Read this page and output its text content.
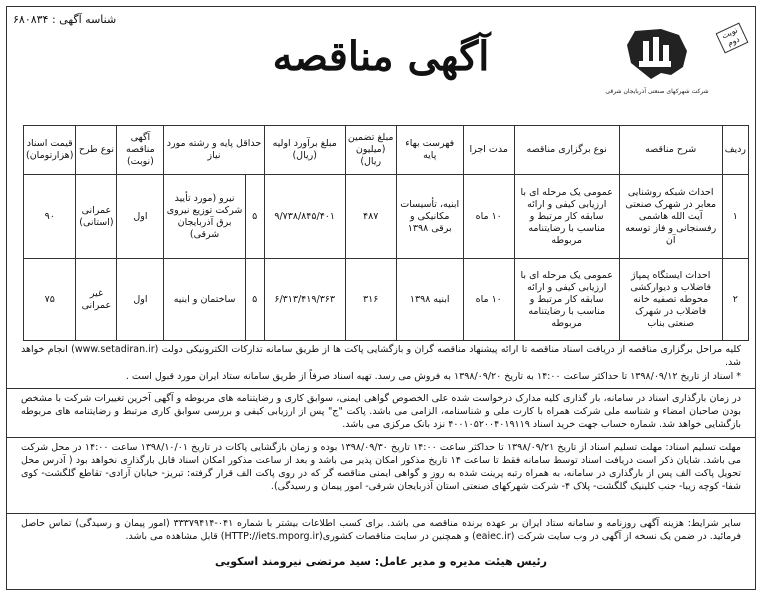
شناسه آگهی : ۶۸۰۸۳۴
نوبت دوم
شرکت شهرکهای صنعتی آذربایجان شرقی
آگهی مناقصه
ردیف	شرح مناقصه	نوع برگزاری مناقصه	مدت اجرا	فهرست بهاء پایه	مبلغ تضمین (میلیون ریال)	مبلغ برآورد اولیه (ریال)	حداقل پایه و رشته مورد نیاز		آگهی مناقصه (نوبت)	نوع طرح	قیمت اسناد (هزارتومان)
۱	احداث شبکه روشنایی معابر در شهرک صنعتی آیت الله هاشمی رفسنجانی و فاز توسعه آن	عمومی یک مرحله ای با ارزیابی کیفی و ارائه سابقه کار مرتبط و مناسب با رضایتنامه مربوطه	۱۰ ماه	ابنیه، تأسیسات مکانیکی و برقی ۱۳۹۸	۴۸۷	۹/۷۳۸/۸۴۵/۴۰۱	۵	نیرو (مورد تأیید شرکت توزیع نیروی برق آذربایجان شرقی)	اول	عمرانی (استانی)	۹۰
۲	احداث ایستگاه پمپاژ فاضلاب و دیوارکشی محوطه تصفیه خانه فاضلاب در شهرک صنعتی بناب	عمومی یک مرحله ای با ارزیابی کیفی و ارائه سابقه کار مرتبط و مناسب با رضایتنامه مربوطه	۱۰ ماه	ابنیه ۱۳۹۸	۳۱۶	۶/۳۱۳/۴۱۹/۳۶۳	۵	ساختمان و ابنیه	اول	غیر عمرانی	۷۵
کلیه مراحل برگزاری مناقصه از دریافت اسناد مناقصه تا ارائه پیشنهاد مناقصه گران و بازگشایی پاکت ها از طریق سامانه تدارکات الکترونیکی دولت (www.setadiran.ir) انجام خواهد شد.
* اسناد از تاریخ ۱۳۹۸/۰۹/۱۲ تا حداکثر ساعت ۱۴:۰۰ به تاریخ ۱۳۹۸/۰۹/۲۰ به فروش می رسد. تهیه اسناد صرفاً از طریق سامانه ستاد ایران مورد قبول است .
در زمان بارگذاری اسناد در سامانه، بار گذاری کلیه مدارک درخواست شده علی الخصوص گواهی ایمنی، سوابق کاری و رضایتنامه های مربوطه و آگهی آخرین تغییرات شرکت با مشخص بودن صاحبان امضاء و شناسه ملی شرکت همراه با کارت ملی و شناسنامه، الزامی می باشد. پاکت "ج" پس از ارزیابی کیفی و بررسی سوابق کاری مرتبط و رضایتنامه های مربوطه بازگشایی خواهد شد. شماره حساب جهت خرید اسناد ۴۰۰۱۰۵۲۰۰۴۰۱۹۱۱۹ نزد بانک مرکزی می باشد.
مهلت تسلیم اسناد: مهلت تسلیم اسناد از تاریخ ۱۳۹۸/۰۹/۲۱ تا حداکثر ساعت ۱۴:۰۰ تاریخ ۱۳۹۸/۰۹/۳۰ بوده و زمان بازگشایی پاکات در تاریخ ۱۳۹۸/۱۰/۰۱ ساعت ۱۴:۰۰ در محل شرکت می باشد. شایان ذکر است دریافت اسناد توسط سامانه فقط تا ساعت ۱۴ تاریخ مذکور امکان پذیر می باشد و بعد از ساعت مذکور امکان اسناد قابل بارگذاری نخواهد بود ( آدرس محل تحویل پاکت الف پس از بارگذاری در سامانه، به همراه رتبه پرینت شده به روز و گواهی ایمنی مناقصه گر که در روی پاکت الف قرار گرفته: تبریز- خیابان آزادی- تقاطع گلگشت- کوی شفا- کوچه زیبا- جنب کلینیک گلگشت- پلاک ۴- شرکت شهرکهای صنعتی استان آذربایجان شرقی- امور پیمان و رسیدگی).
سایر شرایط: هزینه آگهی روزنامه و سامانه ستاد ایران بر عهده برنده مناقصه می باشد. برای کسب اطلاعات بیشتر با شماره ۰۴۱-۳۳۳۷۹۴۱۴ (امور پیمان و رسیدگی) تماس حاصل فرمائید. در ضمن یک نسخه از آگهی در وب سایت شرکت (eaiec.ir) و همچنین در سایت مناقصات کشوری(HTTP://iets.mporg.ir) قابل مشاهده می باشد.
رئیس هیئت مدیره و مدیر عامل: سید مرتضی نیرومند اسکویی
